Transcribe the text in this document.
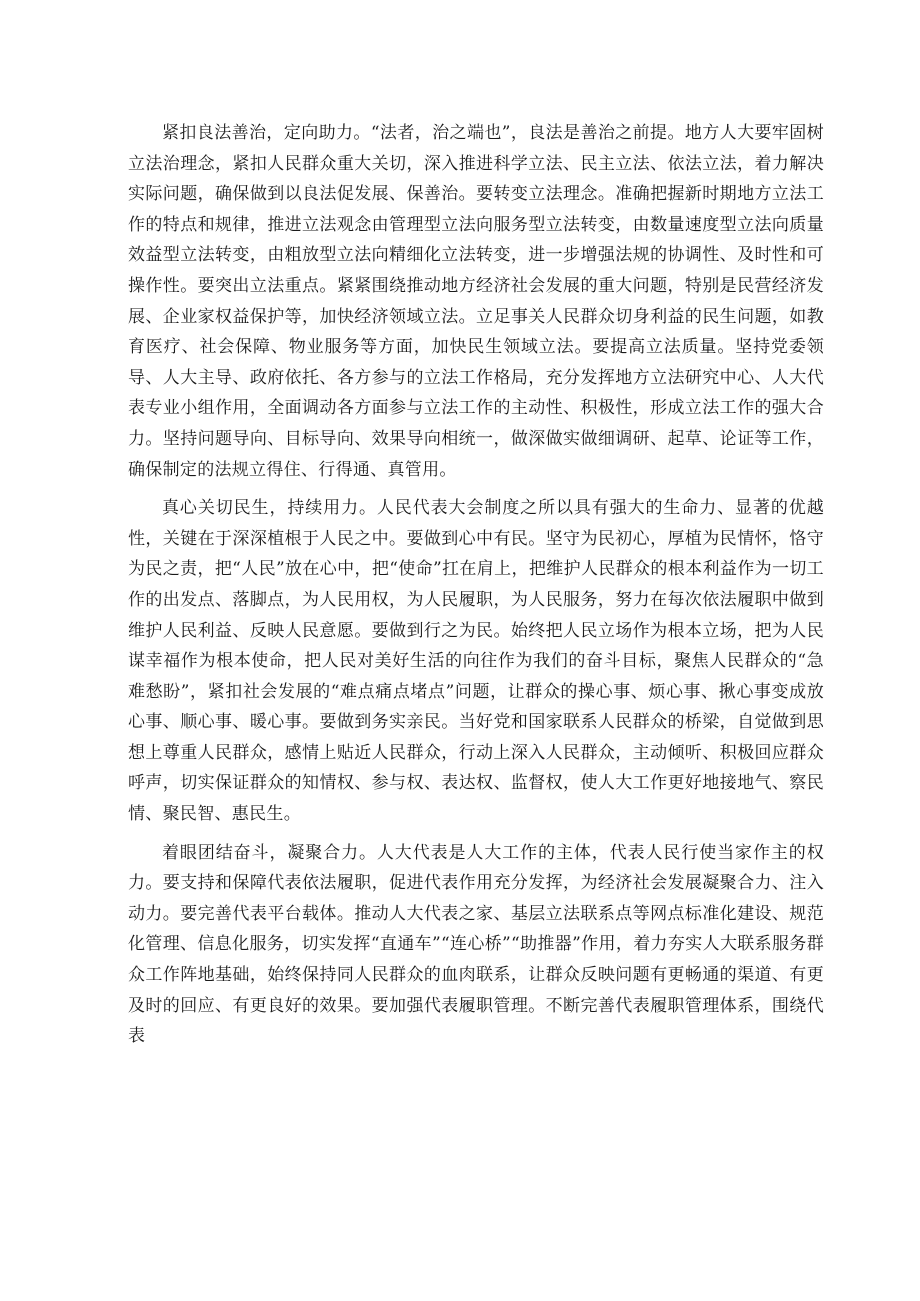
紧扣良法善治，定向助力。“法者，治之端也”，良法是善治之前提。地方人大要牢固树立法治理念，紧扣人民群众重大关切，深入推进科学立法、民主立法、依法立法，着力解决实际问题，确保做到以良法促发展、保善治。要转变立法理念。准确把握新时期地方立法工作的特点和规律，推进立法观念由管理型立法向服务型立法转变，由数量速度型立法向质量效益型立法转变，由粗放型立法向精细化立法转变，进一步增强法规的协调性、及时性和可操作性。要突出立法重点。紧紧围绕推动地方经济社会发展的重大问题，特别是民营经济发展、企业家权益保护等，加快经济领域立法。立足事关人民群众切身利益的民生问题，如教育医疗、社会保障、物业服务等方面，加快民生领域立法。要提高立法质量。坚持党委领导、人大主导、政府依托、各方参与的立法工作格局，充分发挥地方立法研究中心、人大代表专业小组作用，全面调动各方面参与立法工作的主动性、积极性，形成立法工作的强大合力。坚持问题导向、目标导向、效果导向相统一，做深做实做细调研、起草、论证等工作，确保制定的法规立得住、行得通、真管用。

真心关切民生，持续用力。人民代表大会制度之所以具有强大的生命力、显著的优越性，关键在于深深植根于人民之中。要做到心中有民。坚守为民初心，厚植为民情怀，恪守为民之责，把“人民”放在心中，把“使命”扛在肩上，把维护人民群众的根本利益作为一切工作的出发点、落脚点，为人民用权，为人民履职，为人民服务，努力在每次依法履职中做到维护人民利益、反映人民意愿。要做到行之为民。始终把人民立场作为根本立场，把为人民谋幸福作为根本使命，把人民对美好生活的向往作为我们的奋斗目标，聚焦人民群众的“急难愁盼”，紧扣社会发展的“难点痛点堵点”问题，让群众的操心事、烦心事、揪心事变成放心事、顺心事、暖心事。要做到务实亲民。当好党和国家联系人民群众的桥梁，自觉做到思想上尊重人民群众，感情上贴近人民群众，行动上深入人民群众，主动倾听、积极回应群众呼声，切实保证群众的知情权、参与权、表达权、监督权，使人大工作更好地接地气、察民情、聚民智、惠民生。

着眼团结奋斗，凝聚合力。人大代表是人大工作的主体，代表人民行使当家作主的权力。要支持和保障代表依法履职，促进代表作用充分发挥，为经济社会发展凝聚合力、注入动力。要完善代表平台载体。推动人大代表之家、基层立法联系点等网点标准化建设、规范化管理、信息化服务，切实发挥“直通车”“连心桥”“助推器”作用，着力夯实人大联系服务群众工作阵地基础，始终保持同人民群众的血肉联系，让群众反映问题有更畅通的渠道、有更及时的回应、有更良好的效果。要加强代表履职管理。不断完善代表履职管理体系，围绕代表
